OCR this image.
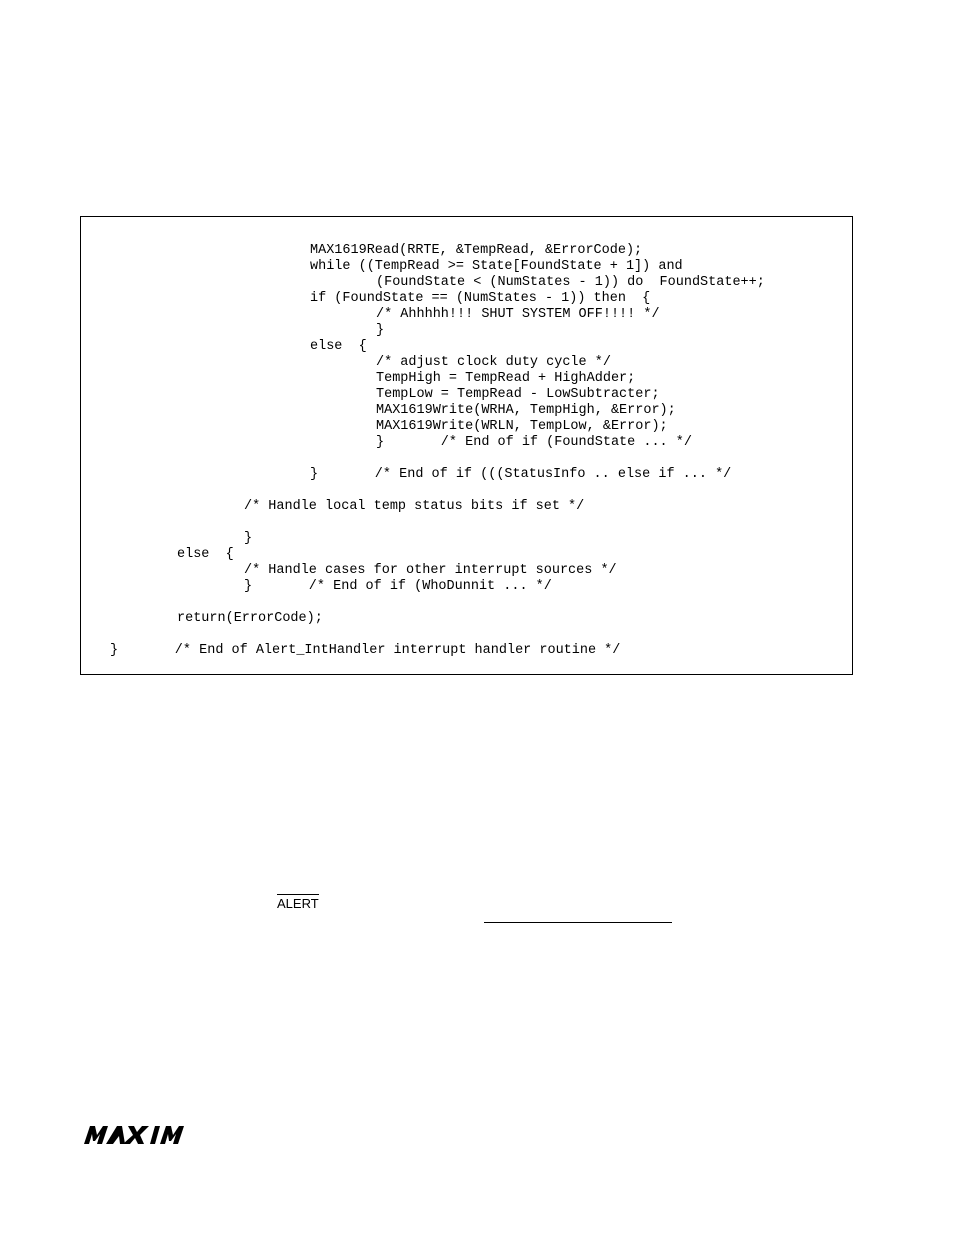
MAX1619Read(RRTE, &TempRead, &ErrorCode);
while ((TempRead >= State[FoundState + 1]) and
(FoundState < (NumStates - 1)) do  FoundState++;
if (FoundState == (NumStates - 1)) then  {
/* Ahhhhh!!! SHUT SYSTEM OFF!!!! */
}
else  {
/* adjust clock duty cycle */
TempHigh = TempRead + HighAdder;
TempLow = TempRead - LowSubtracter;
MAX1619Write(WRHA, TempHigh, &Error);
MAX1619Write(WRLN, TempLow, &Error);
}       /* End of if (FoundState ... */
}       /* End of if (((StatusInfo .. else if ... */
/* Handle local temp status bits if set */
}
else  {
/* Handle cases for other interrupt sources */
}       /* End of if (WhoDunnit ... */
return(ErrorCode);
}       /* End of Alert_IntHandler interrupt handler routine */
ALERT
